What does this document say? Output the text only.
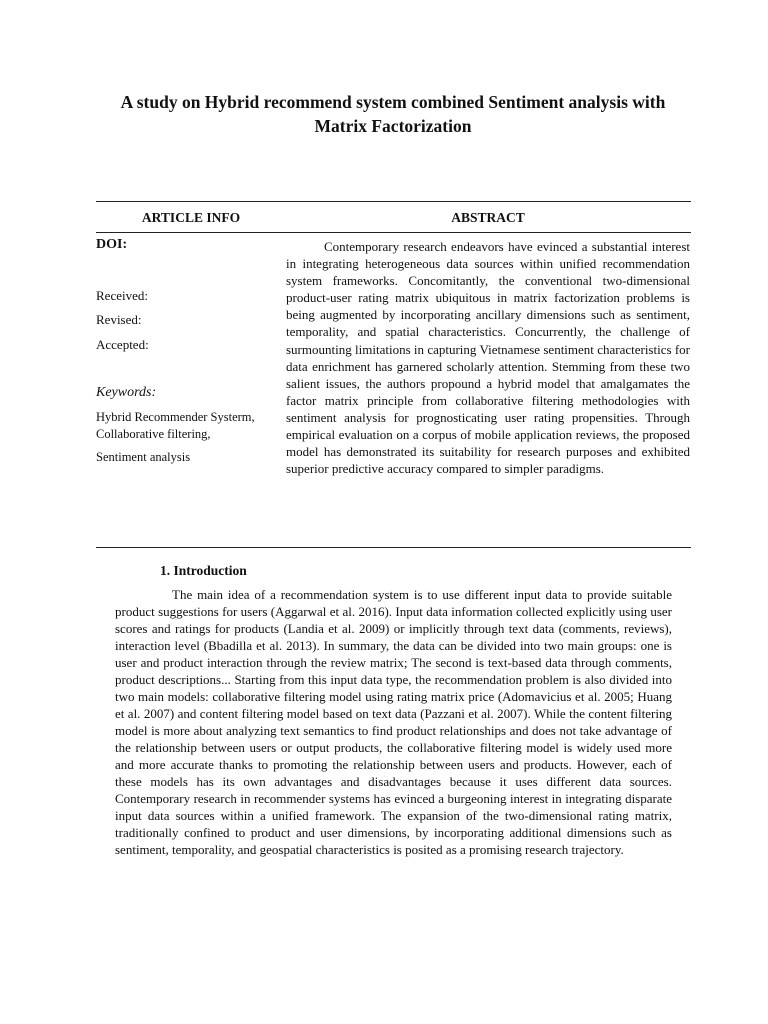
A study on Hybrid recommend system combined Sentiment analysis with Matrix Factorization
ARTICLE INFO	ABSTRACT
DOI:
Received:
Revised:
Accepted:
Keywords:
Hybrid Recommender Systerm, Collaborative filtering,
Sentiment analysis

Contemporary research endeavors have evinced a substantial interest in integrating heterogeneous data sources within unified recommendation system frameworks. Concomitantly, the conventional two-dimensional product-user rating matrix ubiquitous in matrix factorization problems is being augmented by incorporating ancillary dimensions such as sentiment, temporality, and spatial characteristics. Concurrently, the challenge of surmounting limitations in capturing Vietnamese sentiment characteristics for data enrichment has garnered scholarly attention. Stemming from these two salient issues, the authors propound a hybrid model that amalgamates the factor matrix principle from collaborative filtering methodologies with sentiment analysis for prognosticating user rating propensities. Through empirical evaluation on a corpus of mobile application reviews, the proposed model has demonstrated its suitability for research purposes and exhibited superior predictive accuracy compared to simpler paradigms.

1. Introduction

The main idea of a recommendation system is to use different input data to provide suitable product suggestions for users (Aggarwal et al. 2016). Input data information collected explicitly using user scores and ratings for products (Landia et al. 2009) or implicitly through text data (comments, reviews), interaction level (Bbadilla et al. 2013). In summary, the data can be divided into two main groups: one is user and product interaction through the review matrix; The second is text-based data through comments, product descriptions... Starting from this input data type, the recommendation problem is also divided into two main models: collaborative filtering model using rating matrix price (Adomavicius et al. 2005; Huang et al. 2007) and content filtering model based on text data (Pazzani et al. 2007). While the content filtering model is more about analyzing text semantics to find product relationships and does not take advantage of the relationship between users or output products, the collaborative filtering model is widely used more and more accurate thanks to promoting the relationship between users and products. However, each of these models has its own advantages and disadvantages because it uses different data sources. Contemporary research in recommender systems has evinced a burgeoning interest in integrating disparate input data sources within a unified framework. The expansion of the two-dimensional rating matrix, traditionally confined to product and user dimensions, by incorporating additional dimensions such as sentiment, temporality, and geospatial characteristics is posited as a promising research trajectory.
